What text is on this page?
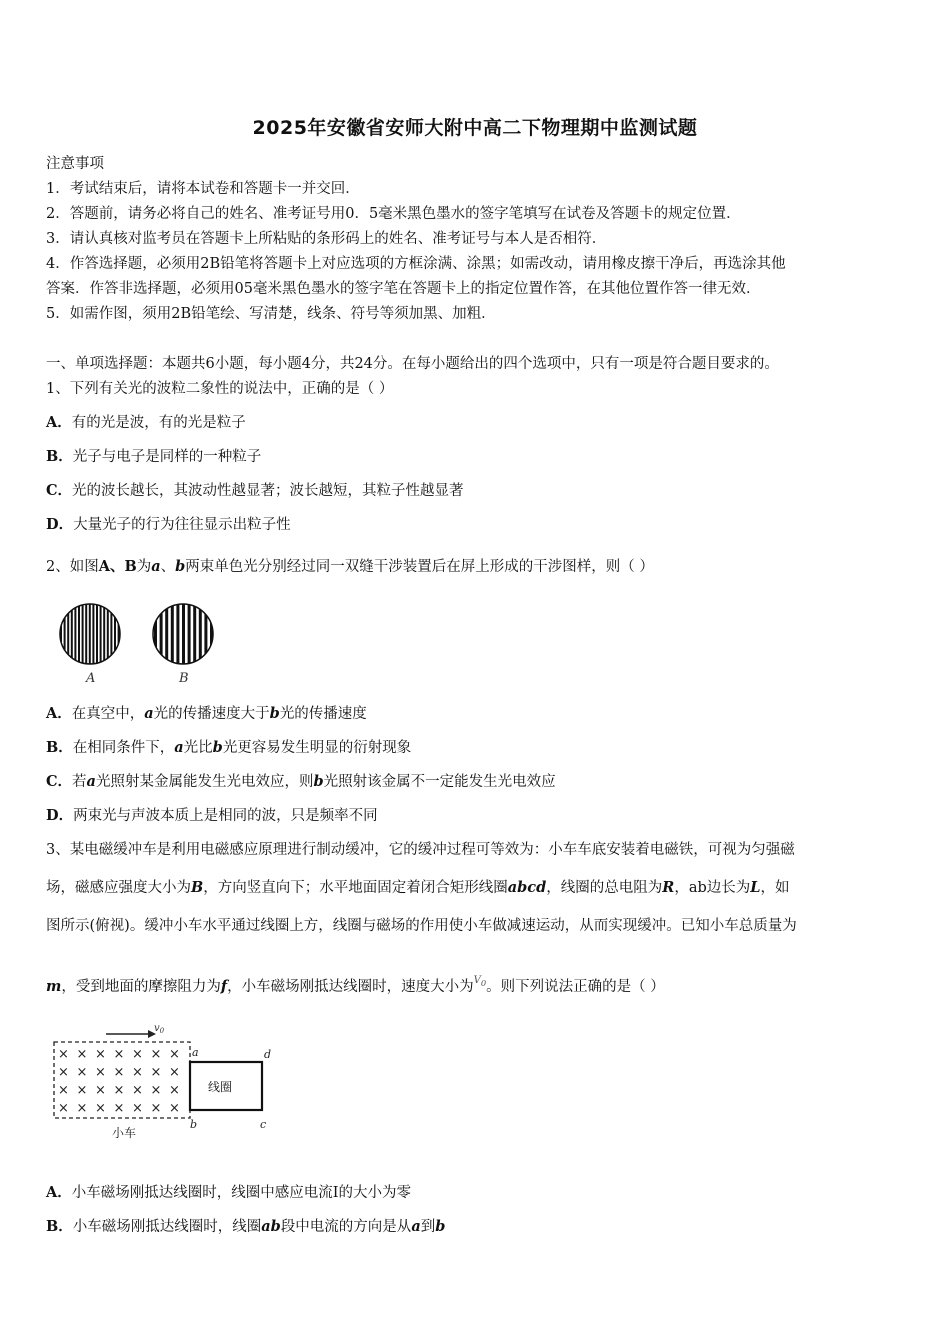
2025年安徽省安师大附中高二下物理期中监测试题
注意事项
1．考试结束后，请将本试卷和答题卡一并交回．
2．答题前，请务必将自己的姓名、准考证号用0．5毫米黑色墨水的签字笔填写在试卷及答题卡的规定位置．
3．请认真核对监考员在答题卡上所粘贴的条形码上的姓名、准考证号与本人是否相符．
4．作答选择题，必须用2B铅笔将答题卡上对应选项的方框涂满、涂黑；如需改动，请用橡皮擦干净后，再选涂其他
答案．作答非选择题，必须用05毫米黑色墨水的签字笔在答题卡上的指定位置作答，在其他位置作答一律无效．
5．如需作图，须用2B铅笔绘、写清楚，线条、符号等须加黑、加粗．
一、单项选择题：本题共6小题，每小题4分，共24分。在每小题给出的四个选项中，只有一项是符合题目要求的。
1、下列有关光的波粒二象性的说法中，正确的是（ ）
A．有的光是波，有的光是粒子
B．光子与电子是同样的一种粒子
C．光的波长越长，其波动性越显著；波长越短，其粒子性越显著
D．大量光子的行为往往显示出粒子性
2、如图A、B为a、b两束单色光分别经过同一双缝干涉装置后在屏上形成的干涉图样，则（ ）
A	B
A．在真空中，a光的传播速度大于b光的传播速度
B．在相同条件下，a光比b光更容易发生明显的衍射现象
C．若a光照射某金属能发生光电效应，则b光照射该金属不一定能发生光电效应
D．两束光与声波本质上是相同的波，只是频率不同
3、某电磁缓冲车是利用电磁感应原理进行制动缓冲，它的缓冲过程可等效为：小车车底安装着电磁铁，可视为匀强磁
场，磁感应强度大小为B，方向竖直向下；水平地面固定着闭合矩形线圈abcd，线圈的总电阻为R，ab边长为L，如
图所示(俯视)。缓冲小车水平通过线圈上方，线圈与磁场的作用使小车做减速运动，从而实现缓冲。已知小车总质量为
m，受到地面的摩擦阻力为f，小车磁场刚抵达线圈时，速度大小为$^{V_0}$。则下列说法正确的是（ ）
$v_0$
× × × × × × ×
× × × × × × ×
× × × × × × ×
× × × × × × ×
线圈
a
b	c
d
小车
A．小车磁场刚抵达线圈时，线圈中感应电流I的大小为零
B．小车磁场刚抵达线圈时，线圈ab段中电流的方向是从a到b
